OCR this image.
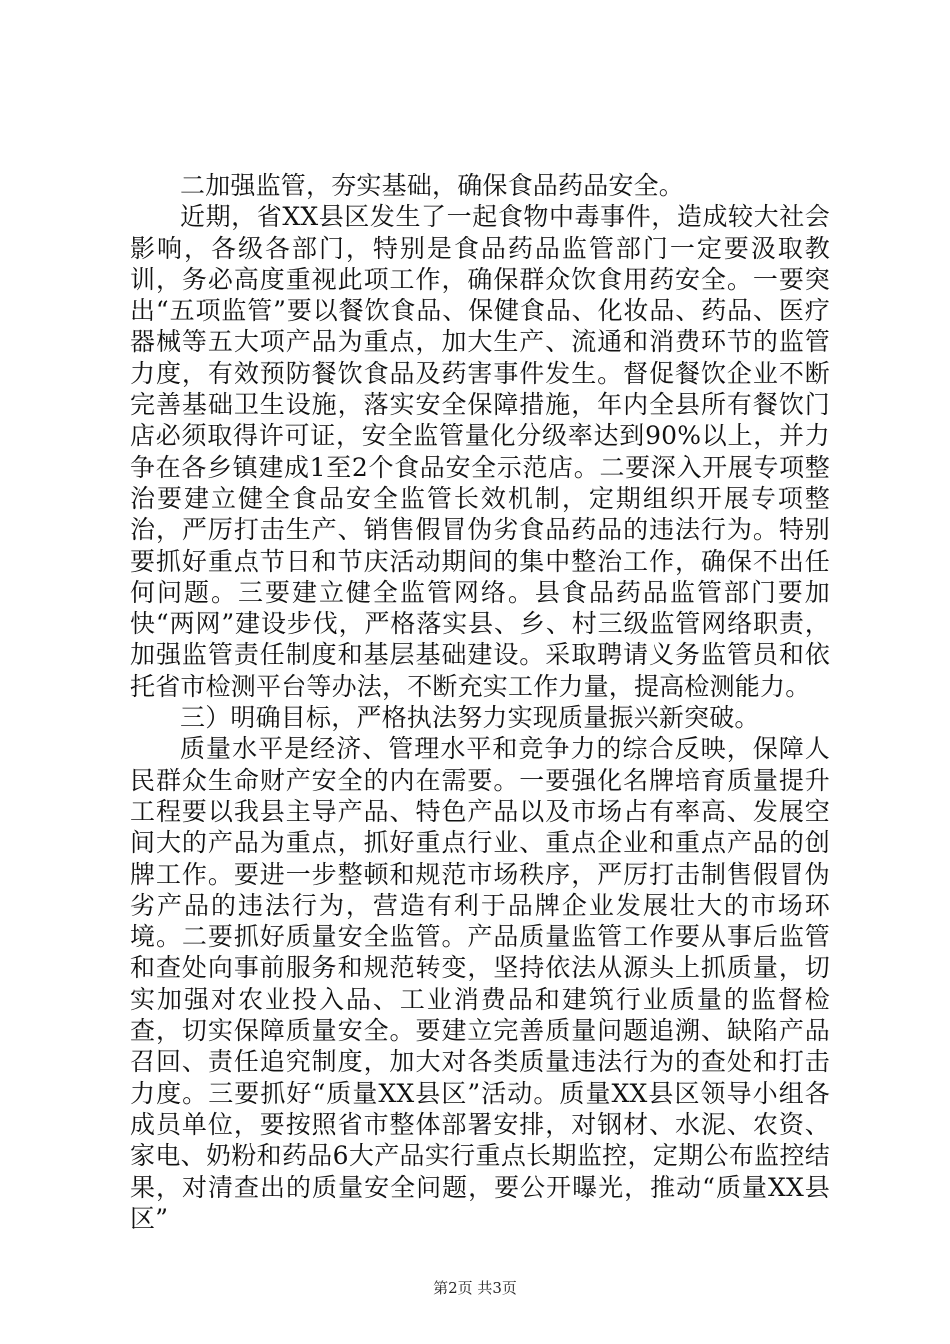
二加强监管，夯实基础，确保食品药品安全。

近期，省XX县区发生了一起食物中毒事件，造成较大社会影响，各级各部门，特别是食品药品监管部门一定要汲取教训，务必高度重视此项工作，确保群众饮食用药安全。一要突出“五项监管”要以餐饮食品、保健食品、化妆品、药品、医疗器械等五大项产品为重点，加大生产、流通和消费环节的监管力度，有效预防餐饮食品及药害事件发生。督促餐饮企业不断完善基础卫生设施，落实安全保障措施，年内全县所有餐饮门店必须取得许可证，安全监管量化分级率达到90%以上，并力争在各乡镇建成1至2个食品安全示范店。二要深入开展专项整治要建立健全食品安全监管长效机制，定期组织开展专项整治，严厉打击生产、销售假冒伪劣食品药品的违法行为。特别要抓好重点节日和节庆活动期间的集中整治工作，确保不出任何问题。三要建立健全监管网络。县食品药品监管部门要加快“两网”建设步伐，严格落实县、乡、村三级监管网络职责，加强监管责任制度和基层基础建设。采取聘请义务监管员和依托省市检测平台等办法，不断充实工作力量，提高检测能力。

三）明确目标，严格执法努力实现质量振兴新突破。

质量水平是经济、管理水平和竞争力的综合反映，保障人民群众生命财产安全的内在需要。一要强化名牌培育质量提升工程要以我县主导产品、特色产品以及市场占有率高、发展空间大的产品为重点，抓好重点行业、重点企业和重点产品的创牌工作。要进一步整顿和规范市场秩序，严厉打击制售假冒伪劣产品的违法行为，营造有利于品牌企业发展壮大的市场环境。二要抓好质量安全监管。产品质量监管工作要从事后监管和查处向事前服务和规范转变，坚持依法从源头上抓质量，切实加强对农业投入品、工业消费品和建筑行业质量的监督检查，切实保障质量安全。要建立完善质量问题追溯、缺陷产品召回、责任追究制度，加大对各类质量违法行为的查处和打击力度。三要抓好“质量XX县区”活动。质量XX县区领导小组各成员单位，要按照省市整体部署安排，对钢材、水泥、农资、家电、奶粉和药品6大产品实行重点长期监控，定期公布监控结果，对清查出的质量安全问题，要公开曝光，推动“质量XX县区”

第2页 共3页
